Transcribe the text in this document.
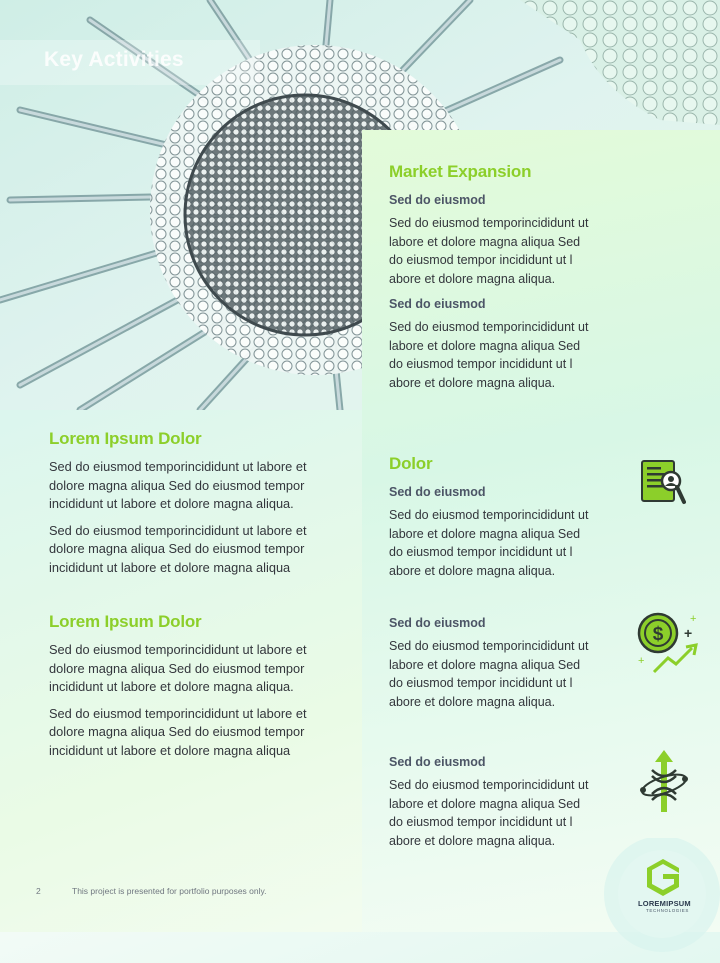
Key Activities
Market Expansion

Sed do eiusmod

Sed do eiusmod temporincididunt ut
labore et dolore magna aliqua Sed
do eiusmod tempor incididunt ut l
abore et dolore magna aliqua.

Sed do eiusmod

Sed do eiusmod temporincididunt ut
labore et dolore magna aliqua Sed
do eiusmod tempor incididunt ut l
abore et dolore magna aliqua.

Dolor

Sed do eiusmod

Sed do eiusmod temporincididunt ut
labore et dolore magna aliqua Sed
do eiusmod tempor incididunt ut l
abore et dolore magna aliqua.

Sed do eiusmod

Sed do eiusmod temporincididunt ut
labore et dolore magna aliqua Sed
do eiusmod tempor incididunt ut l
abore et dolore magna aliqua.

Sed do eiusmod

Sed do eiusmod temporincididunt ut
labore et dolore magna aliqua Sed
do eiusmod tempor incididunt ut l
abore et dolore magna aliqua.

$ +
+
+
Lorem Ipsum Dolor

Sed do eiusmod temporincididunt ut labore et
dolore magna aliqua Sed do eiusmod tempor
incididunt ut labore et dolore magna aliqua.

Sed do eiusmod temporincididunt ut labore et
dolore magna aliqua Sed do eiusmod tempor
incididunt ut labore et dolore magna aliqua

Lorem Ipsum Dolor

Sed do eiusmod temporincididunt ut labore et
dolore magna aliqua Sed do eiusmod tempor
incididunt ut labore et dolore magna aliqua.

Sed do eiusmod temporincididunt ut labore et
dolore magna aliqua Sed do eiusmod tempor
incididunt ut labore et dolore magna aliqua

2	This project is presented for portfolio purposes only.
LOREMIPSUM
TECHNOLOGIES
